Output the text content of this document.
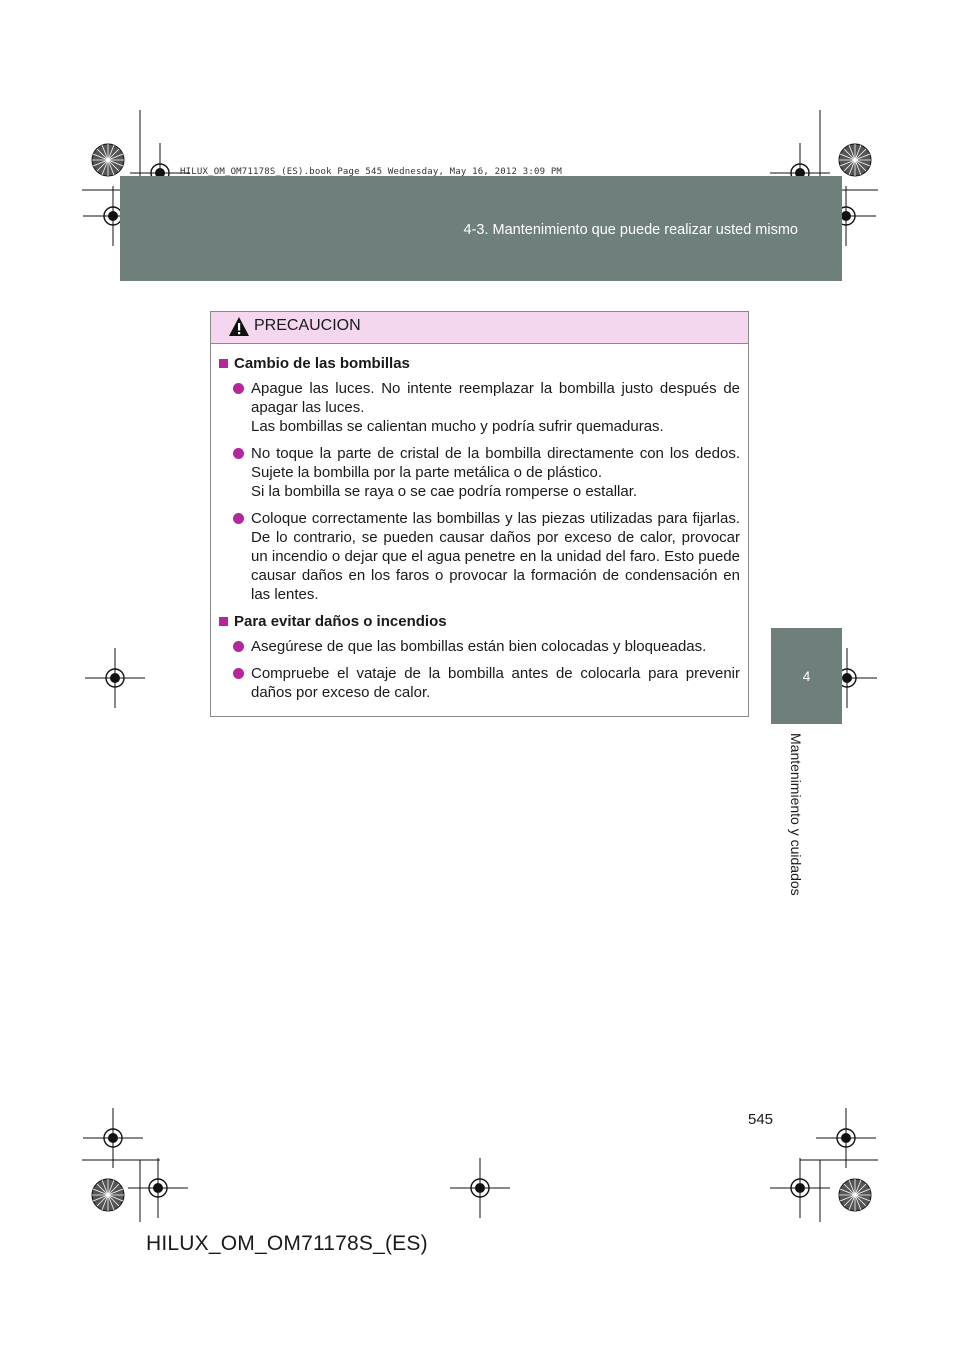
HILUX_OM_OM71178S_(ES).book Page 545 Wednesday, May 16, 2012 3:09 PM
4-3. Mantenimiento que puede realizar usted mismo
4
Mantenimiento y cuidados
PRECAUCION
Cambio de las bombillas
Apague las luces. No intente reemplazar la bombilla justo después de apagar las luces.
Las bombillas se calientan mucho y podría sufrir quemaduras.
No toque la parte de cristal de la bombilla directamente con los dedos. Sujete la bombilla por la parte metálica o de plástico.
Si la bombilla se raya o se cae podría romperse o estallar.
Coloque correctamente las bombillas y las piezas utilizadas para fijarlas. De lo contrario, se pueden causar daños por exceso de calor, provocar un incendio o dejar que el agua penetre en la unidad del faro. Esto puede causar daños en los faros o provocar la formación de condensación en las lentes.
Para evitar daños o incendios
Asegúrese de que las bombillas están bien colocadas y bloqueadas.
Compruebe el vataje de la bombilla antes de colocarla para prevenir daños por exceso de calor.
545
HILUX_OM_OM71178S_(ES)
